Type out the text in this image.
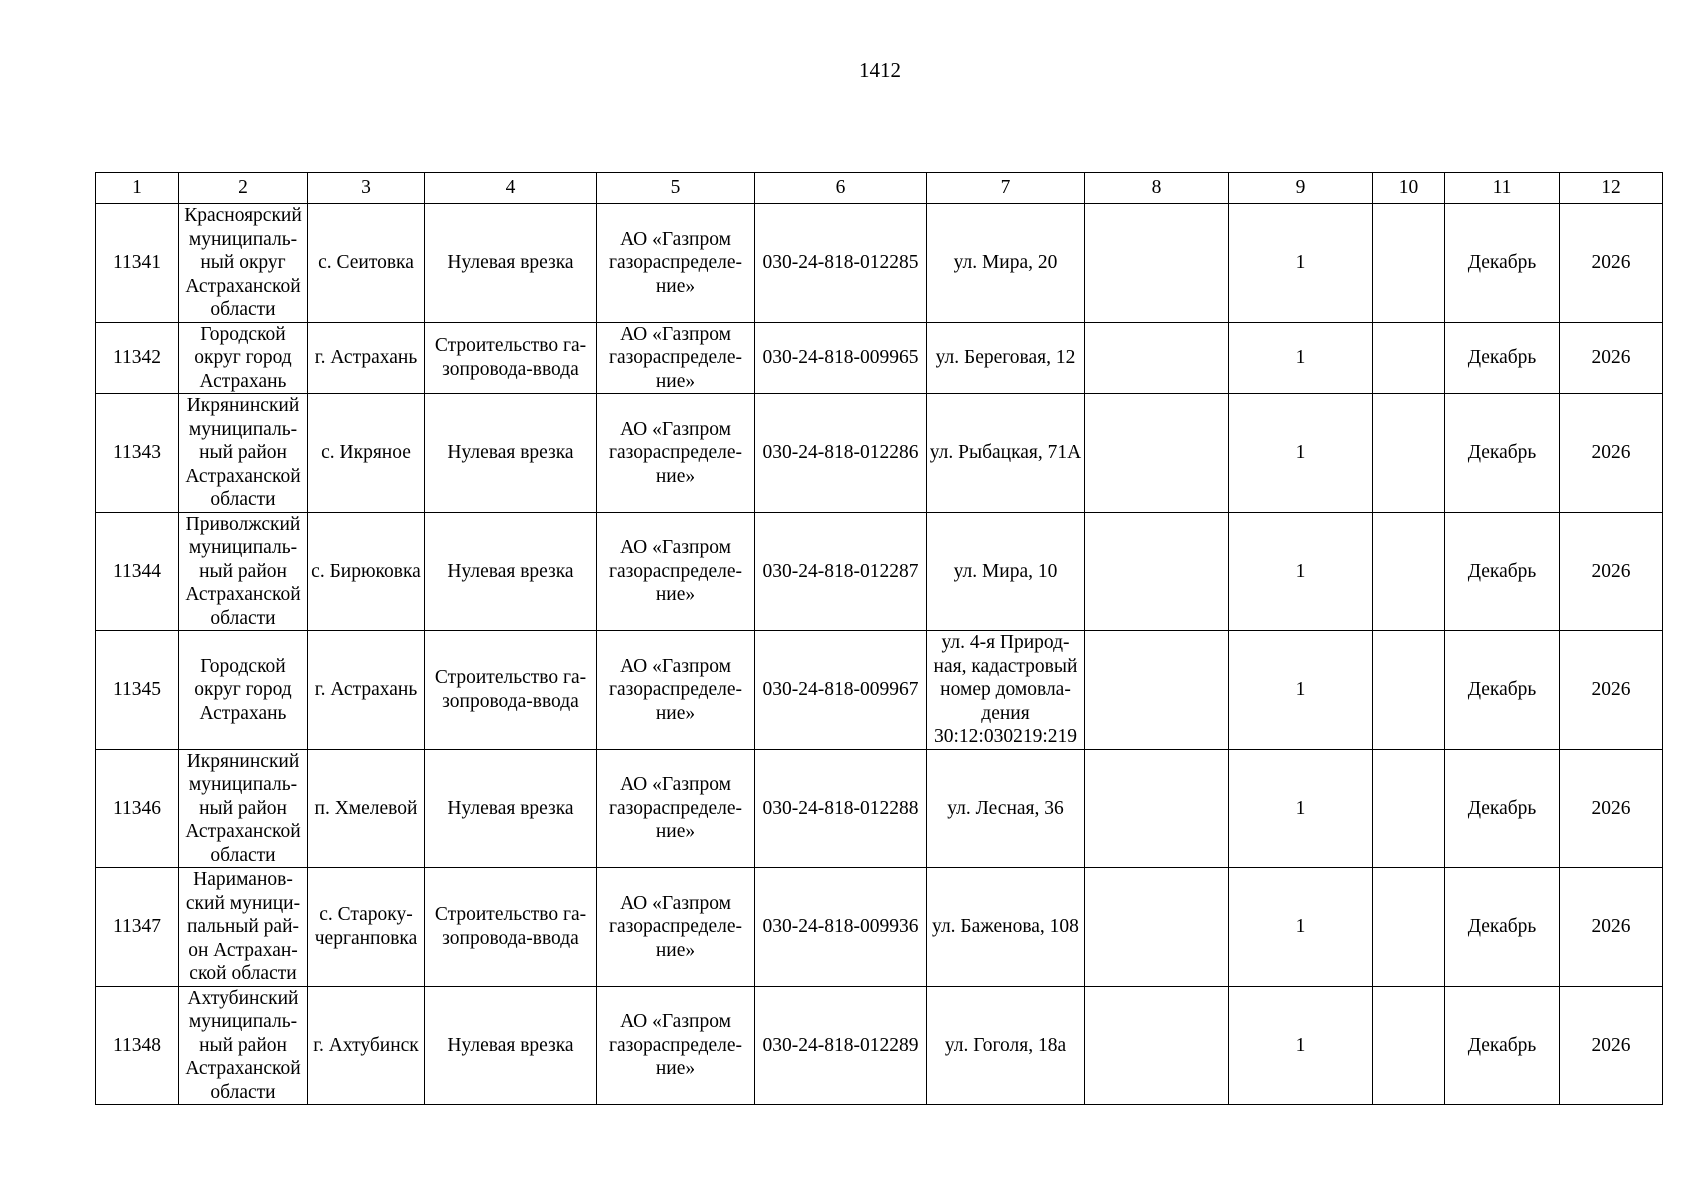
1412
1	2	3	4	5	6	7	8	9	10	11	12
11341	Красноярский муниципаль-ный округ Астраханской области	с. Сеитовка	Нулевая врезка	АО «Газпром газораспределе-ние»	030-24-818-012285	ул. Мира, 20		1		Декабрь	2026
11342	Городской округ город Астрахань	г. Астрахань	Строительство га-зопровода-ввода	АО «Газпром газораспределе-ние»	030-24-818-009965	ул. Береговая, 12		1		Декабрь	2026
11343	Икрянинский муниципаль-ный район Астраханской области	с. Икряное	Нулевая врезка	АО «Газпром газораспределе-ние»	030-24-818-012286	ул. Рыбацкая, 71А		1		Декабрь	2026
11344	Приволжский муниципаль-ный район Астраханской области	с. Бирюковка	Нулевая врезка	АО «Газпром газораспределе-ние»	030-24-818-012287	ул. Мира, 10		1		Декабрь	2026
11345	Городской округ город Астрахань	г. Астрахань	Строительство га-зопровода-ввода	АО «Газпром газораспределе-ние»	030-24-818-009967	ул. 4-я Природ-ная, кадастровый номер домовла-дения 30:12:030219:219		1		Декабрь	2026
11346	Икрянинский муниципаль-ный район Астраханской области	п. Хмелевой	Нулевая врезка	АО «Газпром газораспределе-ние»	030-24-818-012288	ул. Лесная, 36		1		Декабрь	2026
11347	Нариманов-ский муници-пальный рай-он Астрахан-ской области	с. Староку-черганповка	Строительство га-зопровода-ввода	АО «Газпром газораспределе-ние»	030-24-818-009936	ул. Баженова, 108		1		Декабрь	2026
11348	Ахтубинский муниципаль-ный район Астраханской области	г. Ахтубинск	Нулевая врезка	АО «Газпром газораспределе-ние»	030-24-818-012289	ул. Гоголя, 18а		1		Декабрь	2026
